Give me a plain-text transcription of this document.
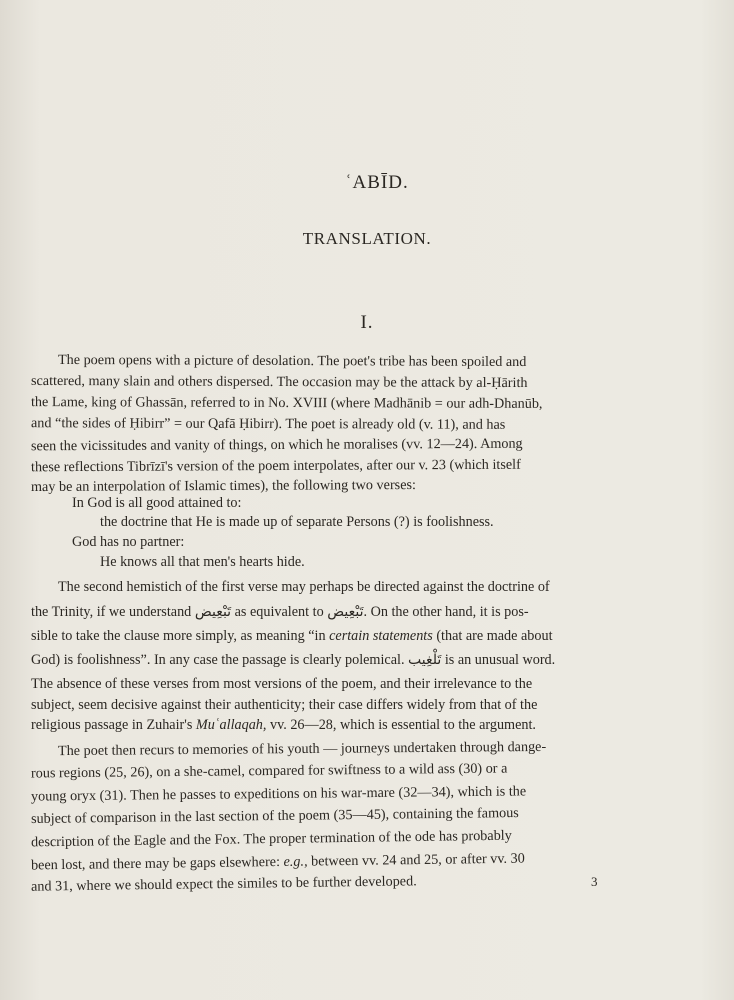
ʿABĪD.
TRANSLATION.
I.
The poem opens with a picture of desolation. The poet's tribe has been spoiled and
scattered, many slain and others dispersed. The occasion may be the attack by al-Ḥārith
the Lame, king of Ghassān, referred to in No. XVIII (where Madhānib = our adh-Dhanūb,
and “the sides of Ḥibirr” = our Qafā Ḥibirr). The poet is already old (v. 11), and has
seen the vicissitudes and vanity of things, on which he moralises (vv. 12—24). Among
these reflections Tibrīzī's version of the poem interpolates, after our v. 23 (which itself
may be an interpolation of Islamic times), the following two verses:
In God is all good attained to:
the doctrine that He is made up of separate Persons (?) is foolishness.
God has no partner:
He knows all that men's hearts hide.
The second hemistich of the first verse may perhaps be directed against the doctrine of
the Trinity, if we understand تَبْعِيض as equivalent to تَبْعِيض. On the other hand, it is pos-
sible to take the clause more simply, as meaning “in certain statements (that are made about
God) is foolishness”. In any case the passage is clearly polemical. تَلْغِيب is an unusual word.
The absence of these verses from most versions of the poem, and their irrelevance to the
subject, seem decisive against their authenticity; their case differs widely from that of the
religious passage in Zuhair's Muʿallaqah, vv. 26—28, which is essential to the argument.
The poet then recurs to memories of his youth — journeys undertaken through dange-
rous regions (25, 26), on a she-camel, compared for swiftness to a wild ass (30) or a
young oryx (31). Then he passes to expeditions on his war-mare (32—34), which is the
subject of comparison in the last section of the poem (35—45), containing the famous
description of the Eagle and the Fox. The proper termination of the ode has probably
been lost, and there may be gaps elsewhere: e.g., between vv. 24 and 25, or after vv. 30
and 31, where we should expect the similes to be further developed.	3
